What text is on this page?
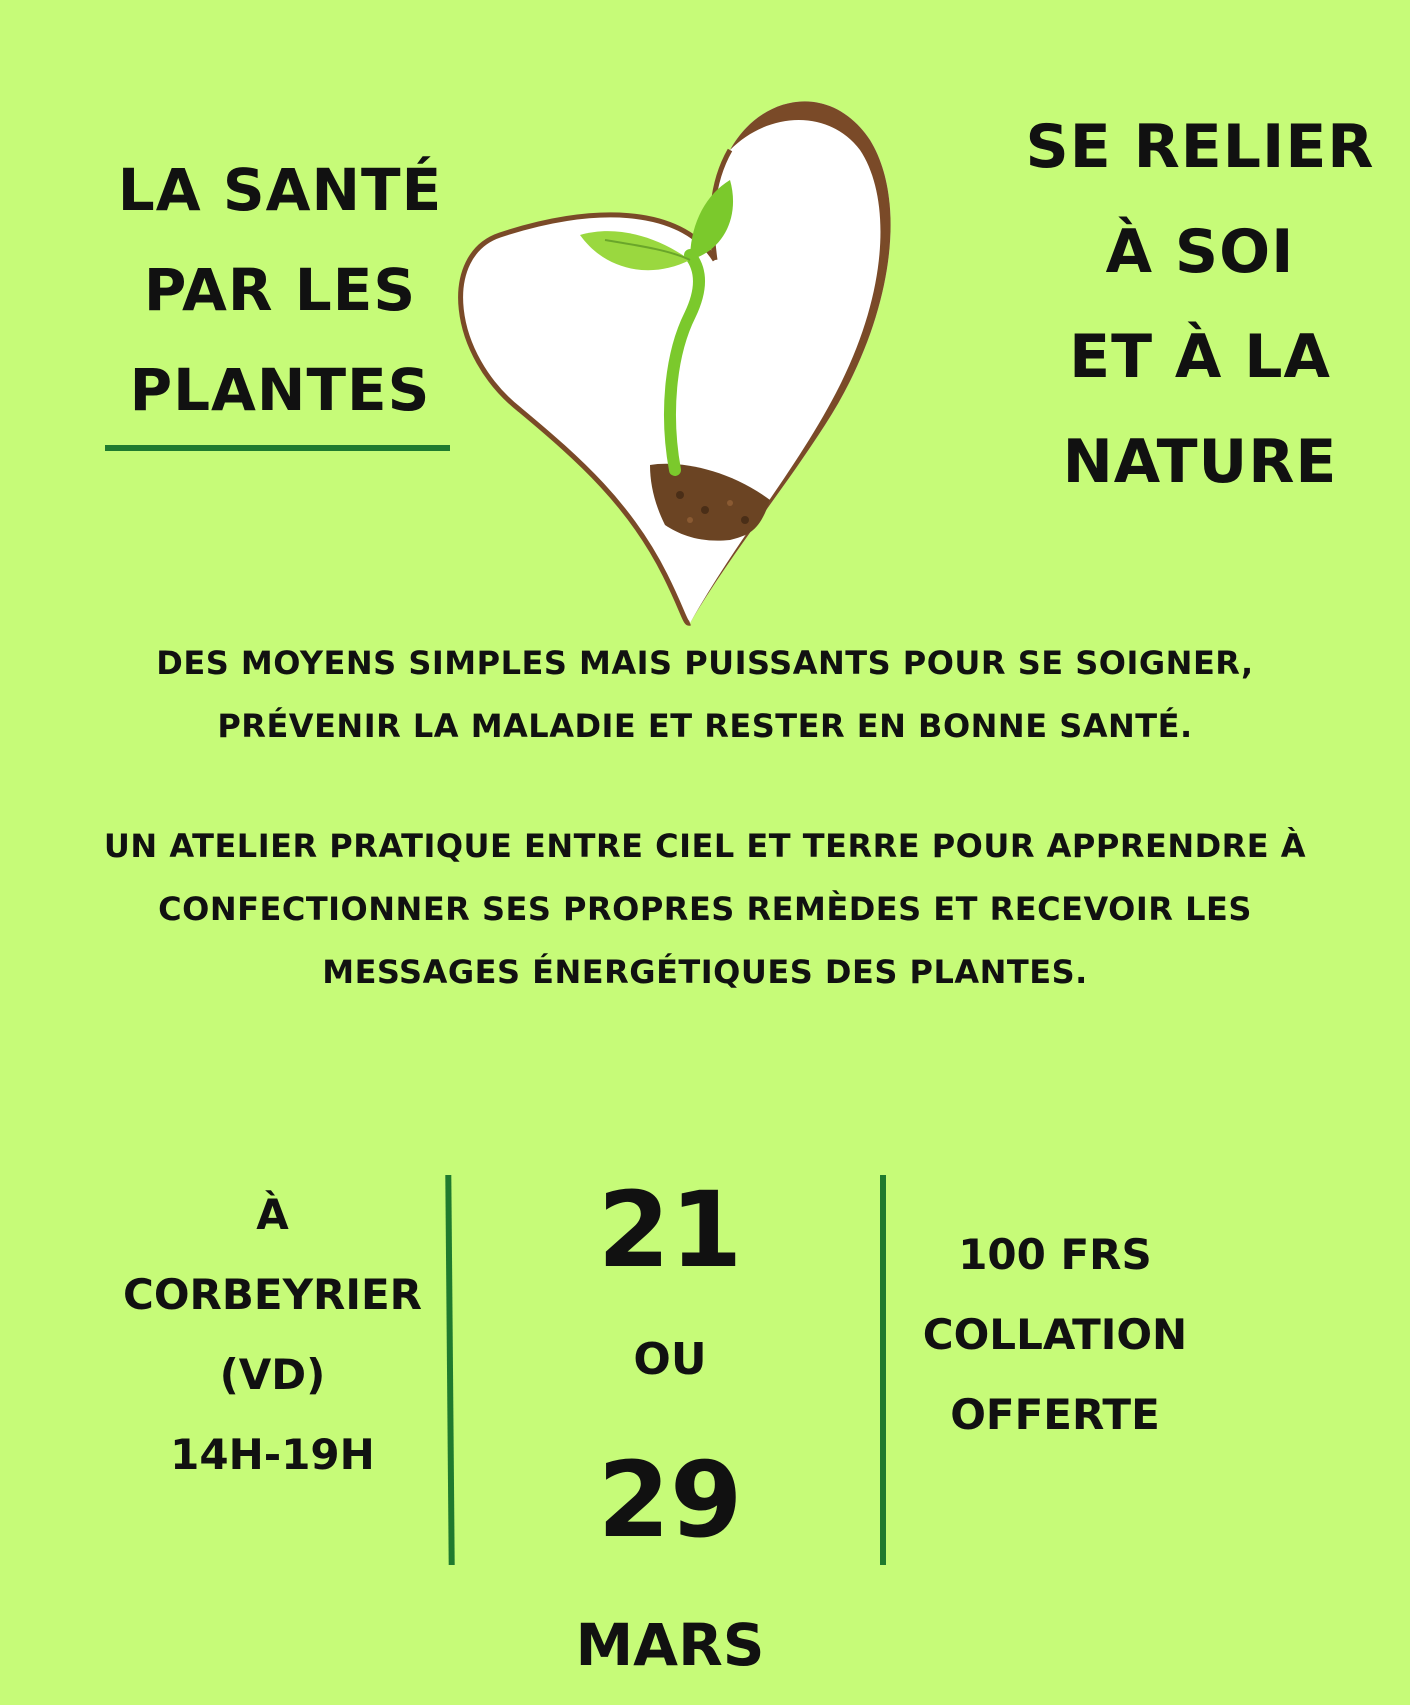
LA SANTÉ
PAR LES
PLANTES
SE RELIER
À SOI
ET À LA
NATURE
DES MOYENS SIMPLES MAIS PUISSANTS POUR SE SOIGNER,
PRÉVENIR LA MALADIE ET RESTER EN BONNE SANTÉ.
UN ATELIER PRATIQUE ENTRE CIEL ET TERRE POUR APPRENDRE À
CONFECTIONNER SES PROPRES REMÈDES ET RECEVOIR LES
MESSAGES ÉNERGÉTIQUES DES PLANTES.
À
CORBEYRIER
(VD)
14H-19H
21
OU
29
MARS
100 FRS
COLLATION
OFFERTE
